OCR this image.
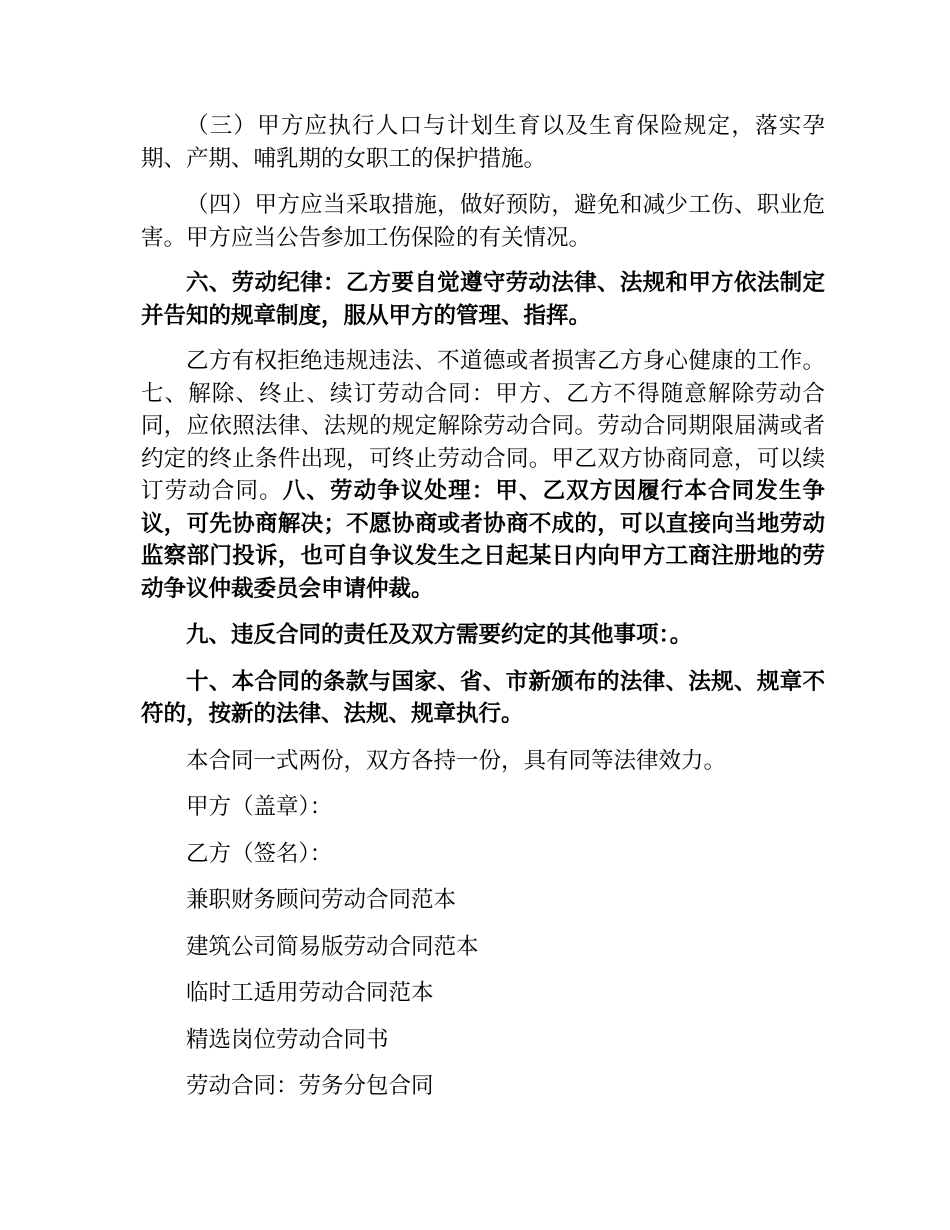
（三）甲方应执行人口与计划生育以及生育保险规定，落实孕期、产期、哺乳期的女职工的保护措施。

（四）甲方应当采取措施，做好预防，避免和减少工伤、职业危害。甲方应当公告参加工伤保险的有关情况。

六、劳动纪律：乙方要自觉遵守劳动法律、法规和甲方依法制定并告知的规章制度，服从甲方的管理、指挥。

乙方有权拒绝违规违法、不道德或者损害乙方身心健康的工作。七、解除、终止、续订劳动合同：甲方、乙方不得随意解除劳动合同，应依照法律、法规的规定解除劳动合同。劳动合同期限届满或者约定的终止条件出现，可终止劳动合同。甲乙双方协商同意，可以续订劳动合同。八、劳动争议处理：甲、乙双方因履行本合同发生争议，可先协商解决；不愿协商或者协商不成的，可以直接向当地劳动监察部门投诉，也可自争议发生之日起某日内向甲方工商注册地的劳动争议仲裁委员会申请仲裁。

九、违反合同的责任及双方需要约定的其他事项：。

十、本合同的条款与国家、省、市新颁布的法律、法规、规章不符的，按新的法律、法规、规章执行。

本合同一式两份，双方各持一份，具有同等法律效力。

甲方（盖章）：

乙方（签名）：

兼职财务顾问劳动合同范本

建筑公司简易版劳动合同范本

临时工适用劳动合同范本

精选岗位劳动合同书

劳动合同：劳务分包合同
